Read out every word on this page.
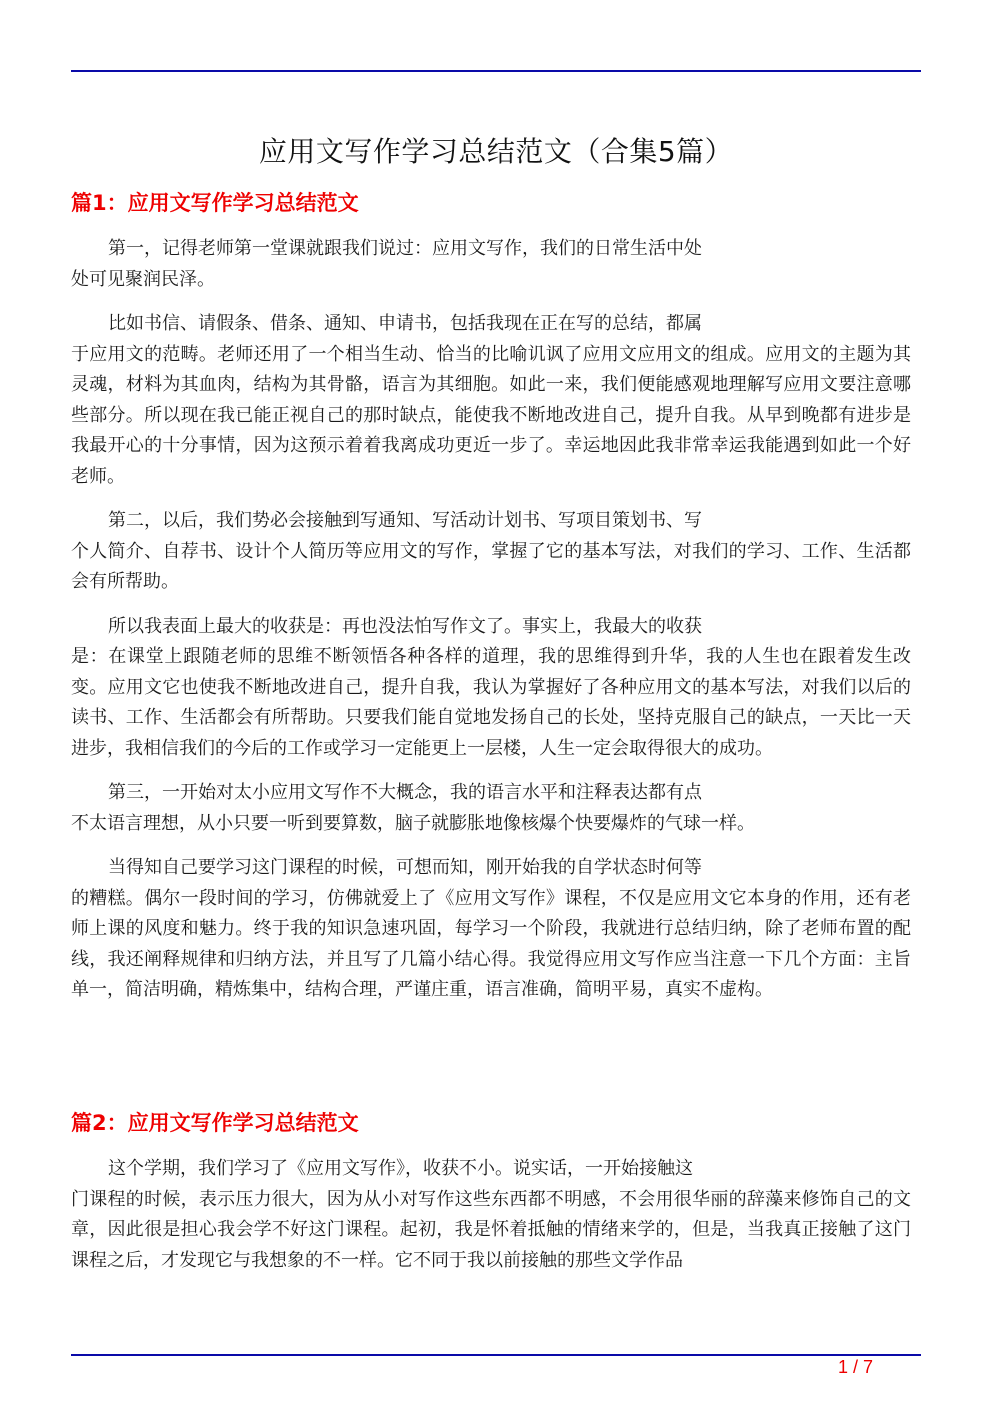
应用文写作学习总结范文（合集5篇）
篇1：应用文写作学习总结范文

第一，记得老师第一堂课就跟我们说过：应用文写作，我们的日常生活中处
处可见聚润民泽。

比如书信、请假条、借条、通知、申请书，包括我现在正在写的总结，都属
于应用文的范畴。老师还用了一个相当生动、恰当的比喻讥讽了应用文应用文的组成。应用文的主题为其灵魂，材料为其血肉，结构为其骨骼，语言为其细胞。如此一来，我们便能感观地理解写应用文要注意哪些部分。所以现在我已能正视自己的那时缺点，能使我不断地改进自己，提升自我。从早到晚都有进步是我最开心的十分事情，因为这预示着着我离成功更近一步了。幸运地因此我非常幸运我能遇到如此一个好老师。

第二，以后，我们势必会接触到写通知、写活动计划书、写项目策划书、写
个人简介、自荐书、设计个人简历等应用文的写作，掌握了它的基本写法，对我们的学习、工作、生活都会有所帮助。

所以我表面上最大的收获是：再也没法怕写作文了。事实上，我最大的收获
是：在课堂上跟随老师的思维不断领悟各种各样的道理，我的思维得到升华，我的人生也在跟着发生改变。应用文它也使我不断地改进自己，提升自我，我认为掌握好了各种应用文的基本写法，对我们以后的读书、工作、生活都会有所帮助。只要我们能自觉地发扬自己的长处，坚持克服自己的缺点，一天比一天进步，我相信我们的今后的工作或学习一定能更上一层楼，人生一定会取得很大的成功。

第三，一开始对太小应用文写作不大概念，我的语言水平和注释表达都有点
不太语言理想，从小只要一听到要算数，脑子就膨胀地像核爆个快要爆炸的气球一样。

当得知自己要学习这门课程的时候，可想而知，刚开始我的自学状态时何等
的糟糕。偶尔一段时间的学习，仿佛就爱上了《应用文写作》课程，不仅是应用文它本身的作用，还有老师上课的风度和魅力。终于我的知识急速巩固，每学习一个阶段，我就进行总结归纳，除了老师布置的配线，我还阐释规律和归纳方法，并且写了几篇小结心得。我觉得应用文写作应当注意一下几个方面：主旨单一，简洁明确，精炼集中，结构合理，严谨庄重，语言准确，简明平易，真实不虚构。

篇2：应用文写作学习总结范文

这个学期，我们学习了《应用文写作》，收获不小。说实话，一开始接触这
门课程的时候，表示压力很大，因为从小对写作这些东西都不明感，不会用很华丽的辞藻来修饰自己的文章，因此很是担心我会学不好这门课程。起初，我是怀着抵触的情绪来学的，但是，当我真正接触了这门课程之后，才发现它与我想象的不一样。它不同于我以前接触的那些文学作品

1 / 7
